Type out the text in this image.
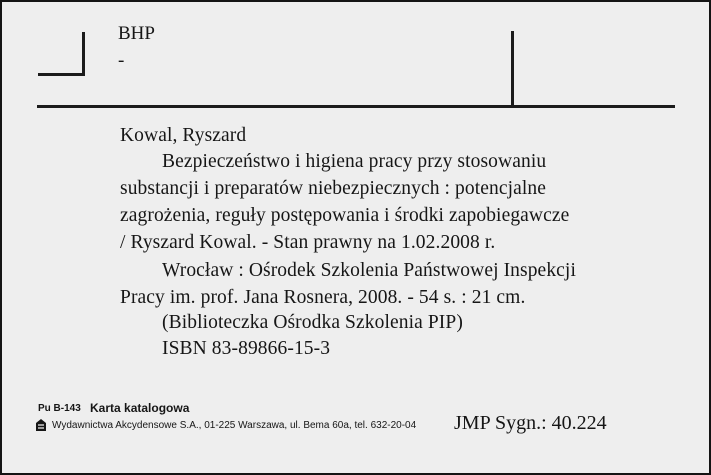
BHP
-
Kowal, Ryszard
Bezpieczeństwo i higiena pracy przy stosowaniu
substancji i preparatów niebezpiecznych : potencjalne
zagrożenia, reguły postępowania i środki zapobiegawcze
/ Ryszard Kowal. - Stan prawny na 1.02.2008 r.
Wrocław : Ośrodek Szkolenia Państwowej Inspekcji
Pracy im. prof. Jana Rosnera, 2008. - 54 s. : 21 cm.
(Biblioteczka Ośrodka Szkolenia PIP)
ISBN 83-89866-15-3
Pu B-143 Karta katalogowa
Wydawnictwa Akcydensowe S.A., 01-225 Warszawa, ul. Bema 60a, tel. 632-20-04 JMP Sygn.: 40.224
